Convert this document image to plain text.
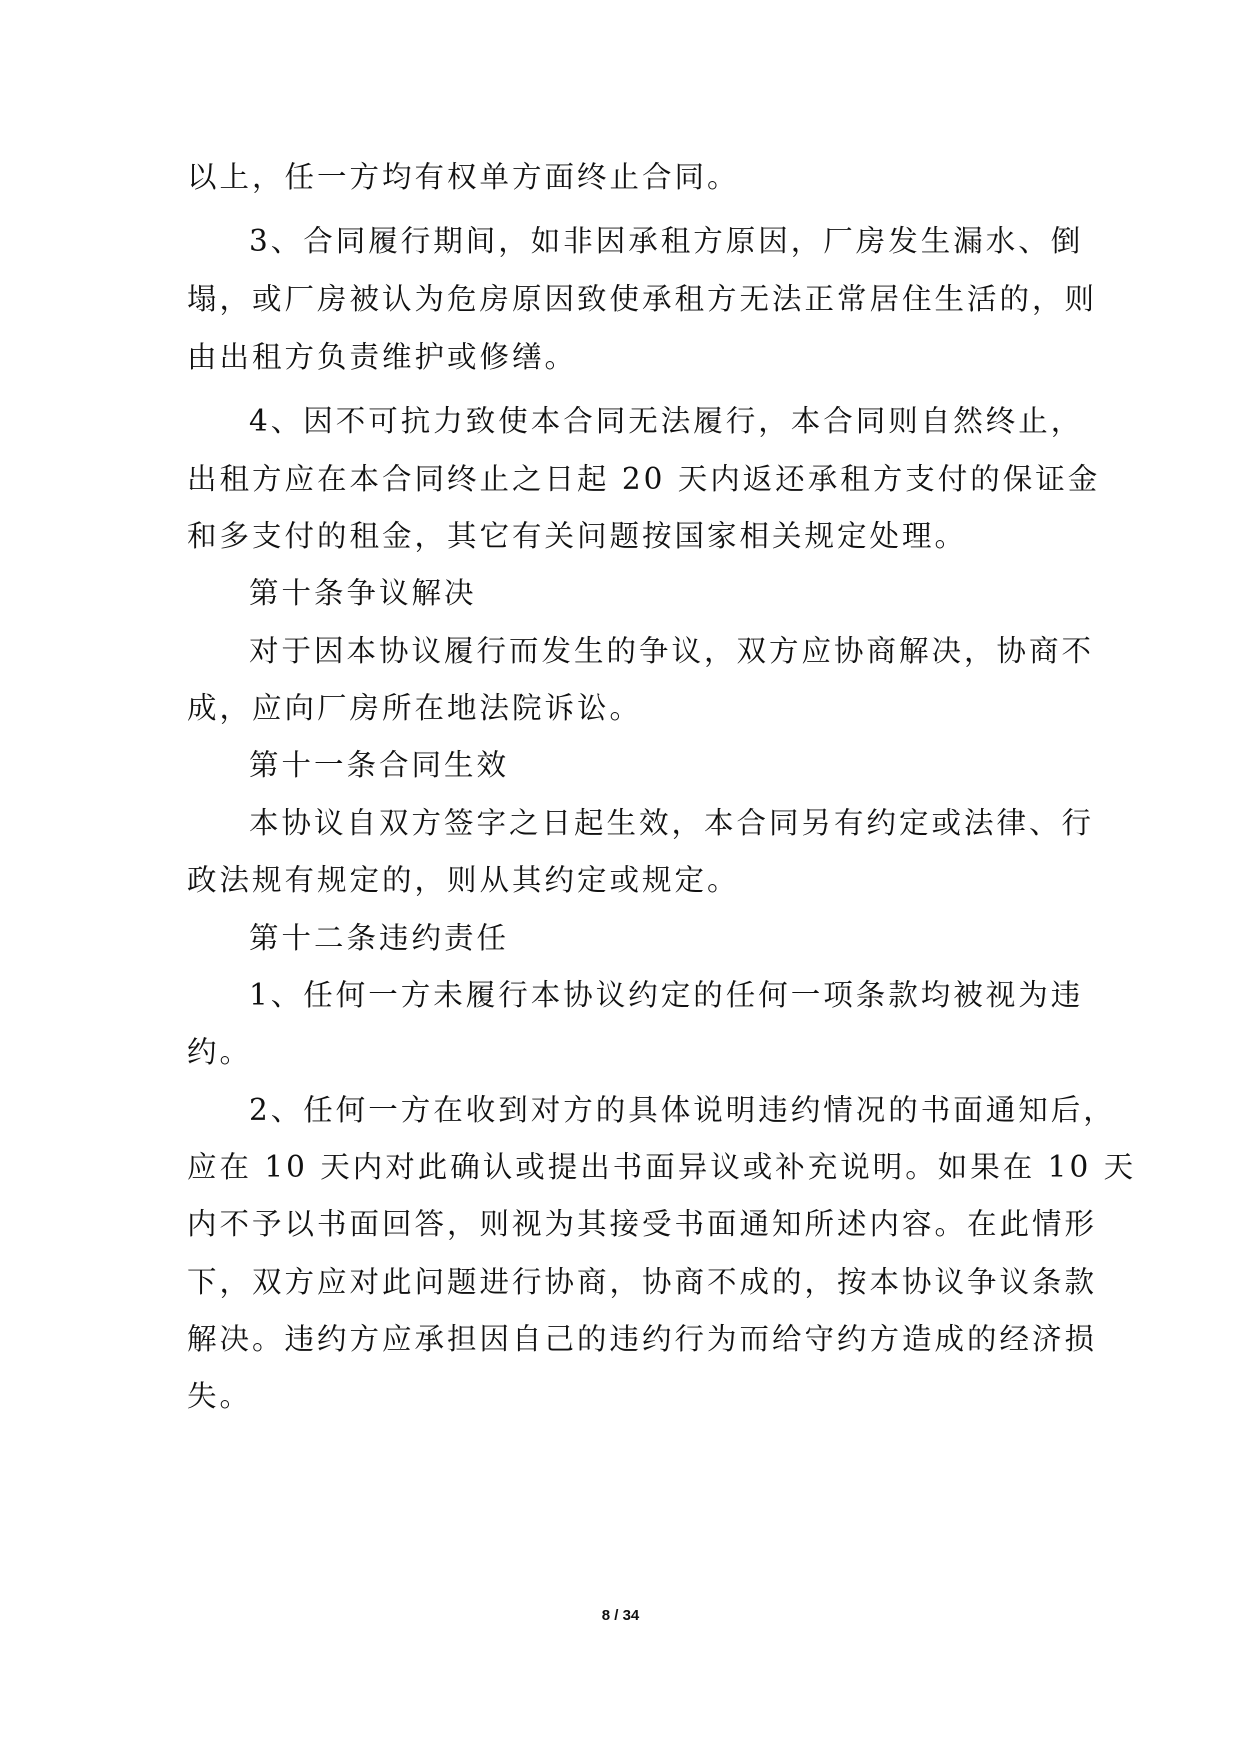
以上，任一方均有权单方面终止合同。
3、合同履行期间，如非因承租方原因，厂房发生漏水、倒
塌，或厂房被认为危房原因致使承租方无法正常居住生活的，则
由出租方负责维护或修缮。
4、因不可抗力致使本合同无法履行，本合同则自然终止，
出租方应在本合同终止之日起 20 天内返还承租方支付的保证金
和多支付的租金，其它有关问题按国家相关规定处理。
第十条争议解决
对于因本协议履行而发生的争议，双方应协商解决，协商不
成，应向厂房所在地法院诉讼。
第十一条合同生效
本协议自双方签字之日起生效，本合同另有约定或法律、行
政法规有规定的，则从其约定或规定。
第十二条违约责任
1、任何一方未履行本协议约定的任何一项条款均被视为违
约。
2、任何一方在收到对方的具体说明违约情况的书面通知后，
应在 10 天内对此确认或提出书面异议或补充说明。如果在 10 天
内不予以书面回答，则视为其接受书面通知所述内容。在此情形
下，双方应对此问题进行协商，协商不成的，按本协议争议条款
解决。违约方应承担因自己的违约行为而给守约方造成的经济损
失。
8 / 34
